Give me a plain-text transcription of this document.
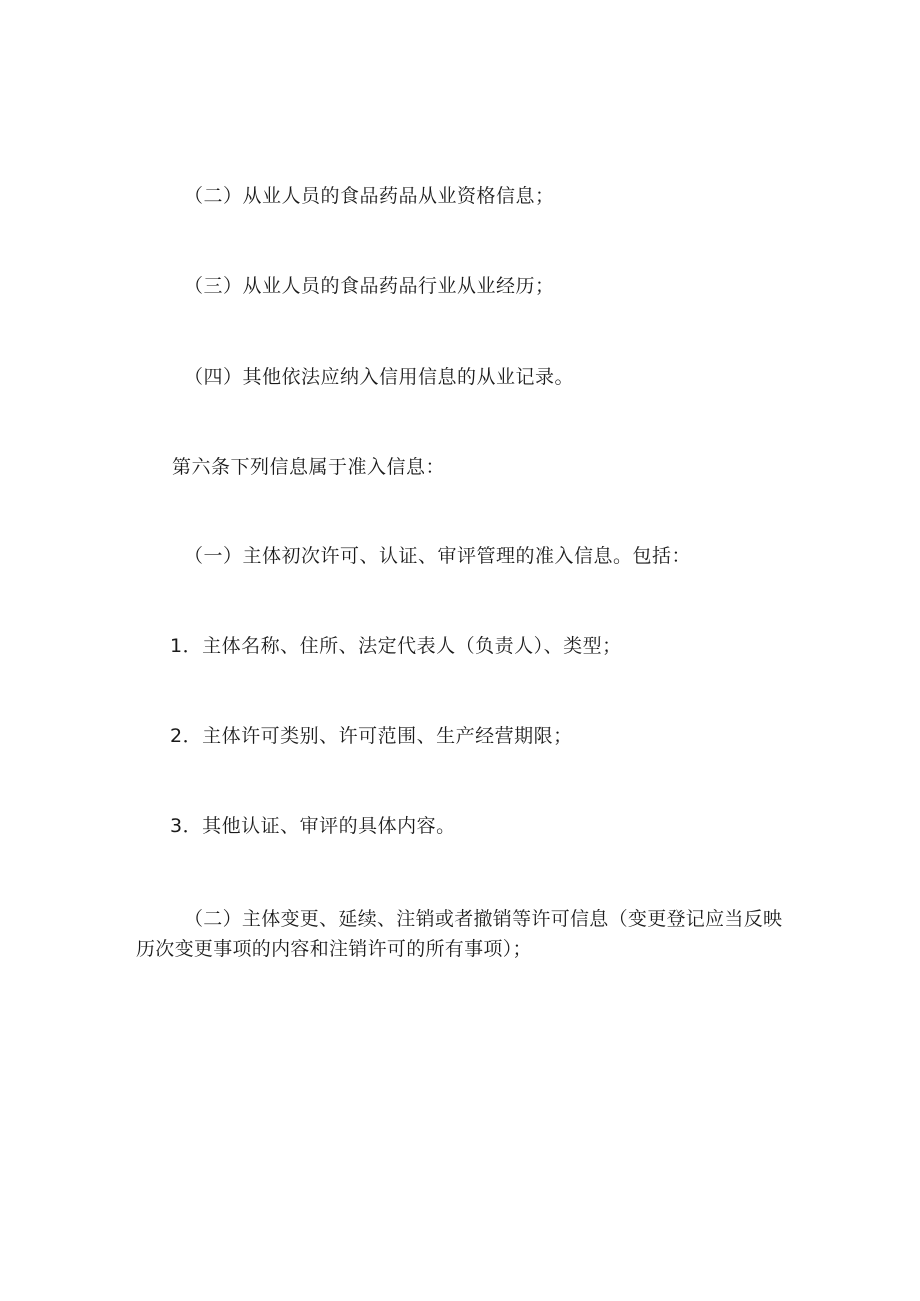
（二）从业人员的食品药品从业资格信息；

（三）从业人员的食品药品行业从业经历；

（四）其他依法应纳入信用信息的从业记录。

第六条下列信息属于准入信息：

（一）主体初次许可、认证、审评管理的准入信息。包括：

1．主体名称、住所、法定代表人（负责人）、类型；

2．主体许可类别、许可范围、生产经营期限；

3．其他认证、审评的具体内容。

（二）主体变更、延续、注销或者撤销等许可信息（变更登记应当反映历次变更事项的内容和注销许可的所有事项）；
